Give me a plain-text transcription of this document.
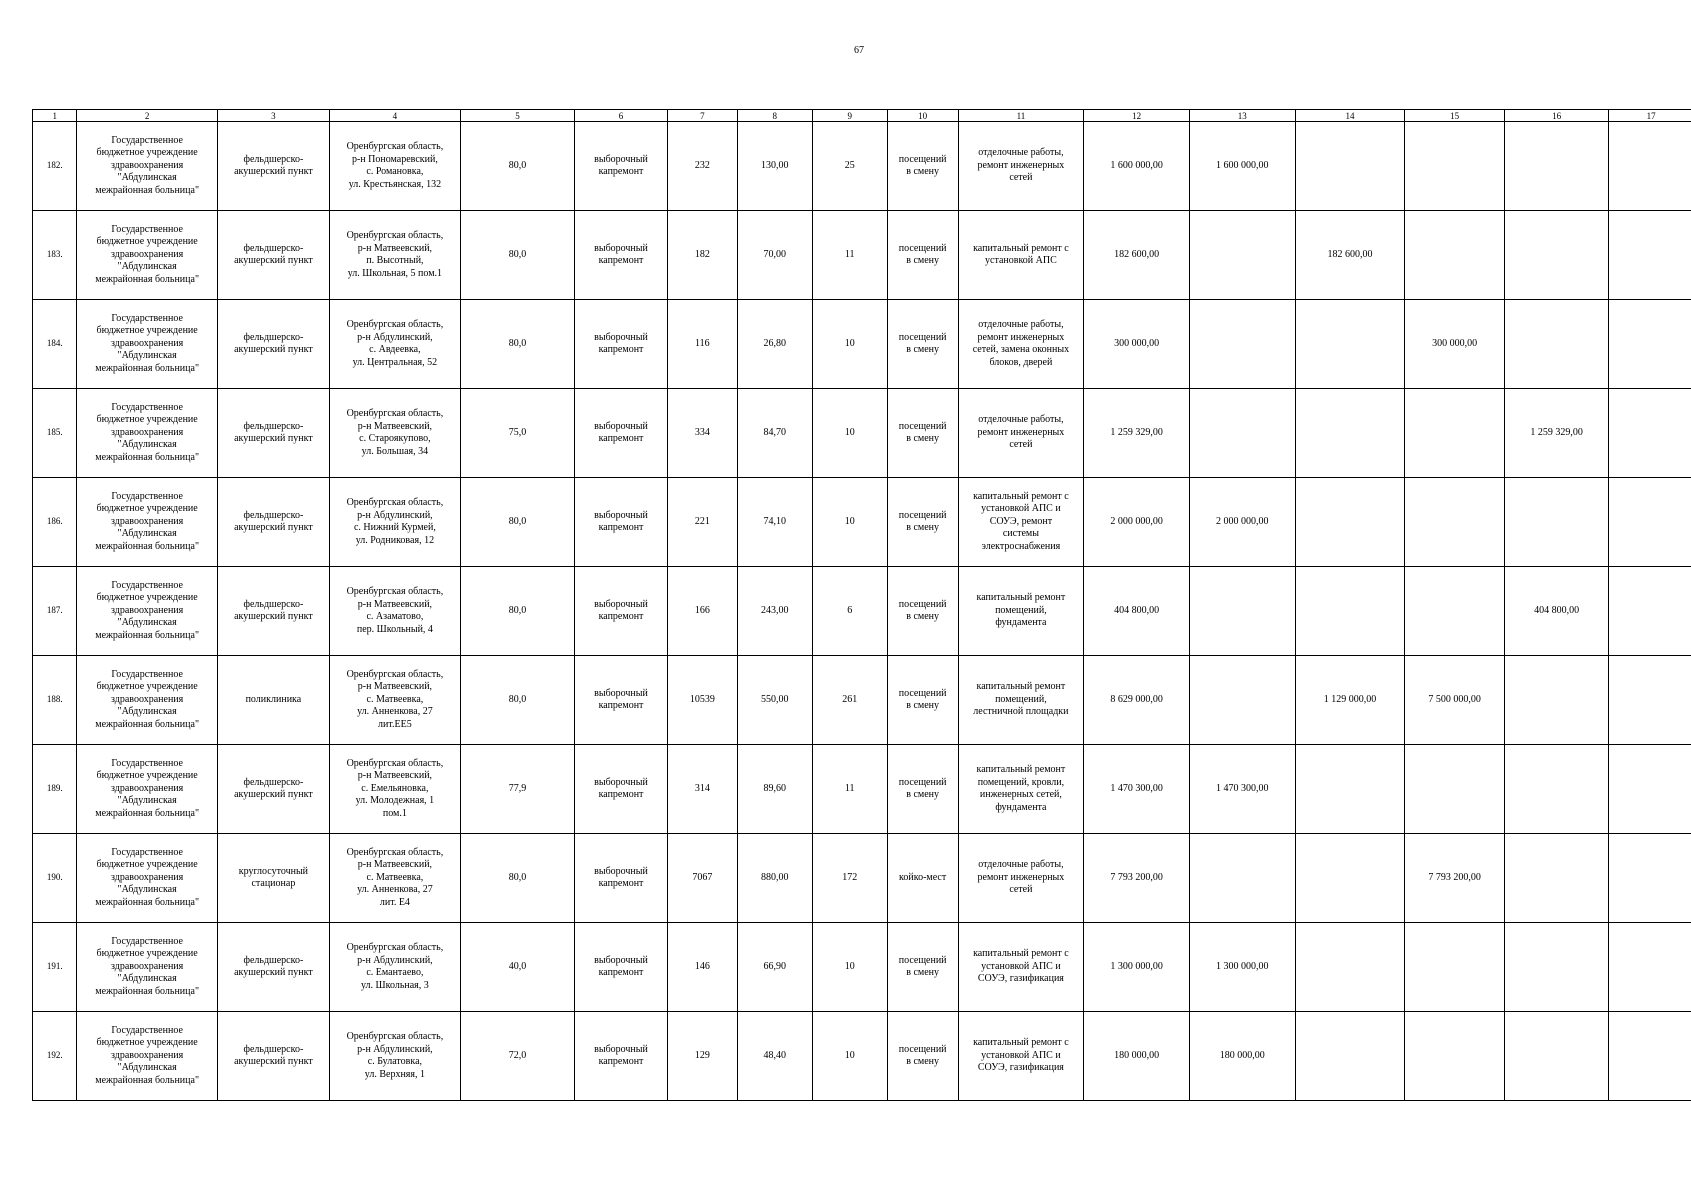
67
1	2	3	4	5	6	7	8	9	10	11	12	13	14	15	16	17
182.	Государственное
бюджетное учреждение
здравоохранения
"Абдулинская
межрайонная больница"	фельдшерско-
акушерский пункт	Оренбургская область,
р-н Пономаревский,
с. Романовка,
ул. Крестьянская, 132	80,0	выборочный
капремонт	232	130,00	25	посещений
в смену	отделочные работы,
ремонт инженерных
сетей	1 600 000,00	1 600 000,00				
183.	Государственное
бюджетное учреждение
здравоохранения
"Абдулинская
межрайонная больница"	фельдшерско-
акушерский пункт	Оренбургская область,
р-н Матвеевский,
п. Высотный,
ул. Школьная, 5 пом.1	80,0	выборочный
капремонт	182	70,00	11	посещений
в смену	капитальный ремонт с
установкой АПС	182 600,00		182 600,00			
184.	Государственное
бюджетное учреждение
здравоохранения
"Абдулинская
межрайонная больница"	фельдшерско-
акушерский пункт	Оренбургская область,
р-н Абдулинский,
с. Авдеевка,
ул. Центральная, 52	80,0	выборочный
капремонт	116	26,80	10	посещений
в смену	отделочные работы,
ремонт инженерных
сетей, замена оконных
блоков, дверей	300 000,00			300 000,00		
185.	Государственное
бюджетное учреждение
здравоохранения
"Абдулинская
межрайонная больница"	фельдшерско-
акушерский пункт	Оренбургская область,
р-н Матвеевский,
с. Староякупово,
ул. Большая, 34	75,0	выборочный
капремонт	334	84,70	10	посещений
в смену	отделочные работы,
ремонт инженерных
сетей	1 259 329,00				1 259 329,00	
186.	Государственное
бюджетное учреждение
здравоохранения
"Абдулинская
межрайонная больница"	фельдшерско-
акушерский пункт	Оренбургская область,
р-н Абдулинский,
с. Нижний Курмей,
ул. Родниковая, 12	80,0	выборочный
капремонт	221	74,10	10	посещений
в смену	капитальный ремонт с
установкой АПС и
СОУЭ, ремонт
системы
электроснабжения	2 000 000,00	2 000 000,00				
187.	Государственное
бюджетное учреждение
здравоохранения
"Абдулинская
межрайонная больница"	фельдшерско-
акушерский пункт	Оренбургская область,
р-н Матвеевский,
с. Азаматово,
пер. Школьный, 4	80,0	выборочный
капремонт	166	243,00	6	посещений
в смену	капитальный ремонт
помещений,
фундамента	404 800,00				404 800,00	
188.	Государственное
бюджетное учреждение
здравоохранения
"Абдулинская
межрайонная больница"	поликлиника	Оренбургская область,
р-н Матвеевский,
с. Матвеевка,
ул. Анненкова, 27
лит.ЕЕ5	80,0	выборочный
капремонт	10539	550,00	261	посещений
в смену	капитальный ремонт
помещений,
лестничной площадки	8 629 000,00		1 129 000,00	7 500 000,00		
189.	Государственное
бюджетное учреждение
здравоохранения
"Абдулинская
межрайонная больница"	фельдшерско-
акушерский пункт	Оренбургская область,
р-н Матвеевский,
с. Емельяновка,
ул. Молодежная, 1
пом.1	77,9	выборочный
капремонт	314	89,60	11	посещений
в смену	капитальный ремонт
помещений, кровли,
инженерных сетей,
фундамента	1 470 300,00	1 470 300,00				
190.	Государственное
бюджетное учреждение
здравоохранения
"Абдулинская
межрайонная больница"	круглосуточный
стационар	Оренбургская область,
р-н Матвеевский,
с. Матвеевка,
ул. Анненкова, 27
лит. Е4	80,0	выборочный
капремонт	7067	880,00	172	койко-мест	отделочные работы,
ремонт инженерных
сетей	7 793 200,00			7 793 200,00		
191.	Государственное
бюджетное учреждение
здравоохранения
"Абдулинская
межрайонная больница"	фельдшерско-
акушерский пункт	Оренбургская область,
р-н Абдулинский,
с. Емантаево,
ул. Школьная, 3	40,0	выборочный
капремонт	146	66,90	10	посещений
в смену	капитальный ремонт с
установкой АПС и
СОУЭ, газификация	1 300 000,00	1 300 000,00				
192.	Государственное
бюджетное учреждение
здравоохранения
"Абдулинская
межрайонная больница"	фельдшерско-
акушерский пункт	Оренбургская область,
р-н Абдулинский,
с. Булатовка,
ул. Верхняя, 1	72,0	выборочный
капремонт	129	48,40	10	посещений
в смену	капитальный ремонт с
установкой АПС и
СОУЭ, газификация	180 000,00	180 000,00				
